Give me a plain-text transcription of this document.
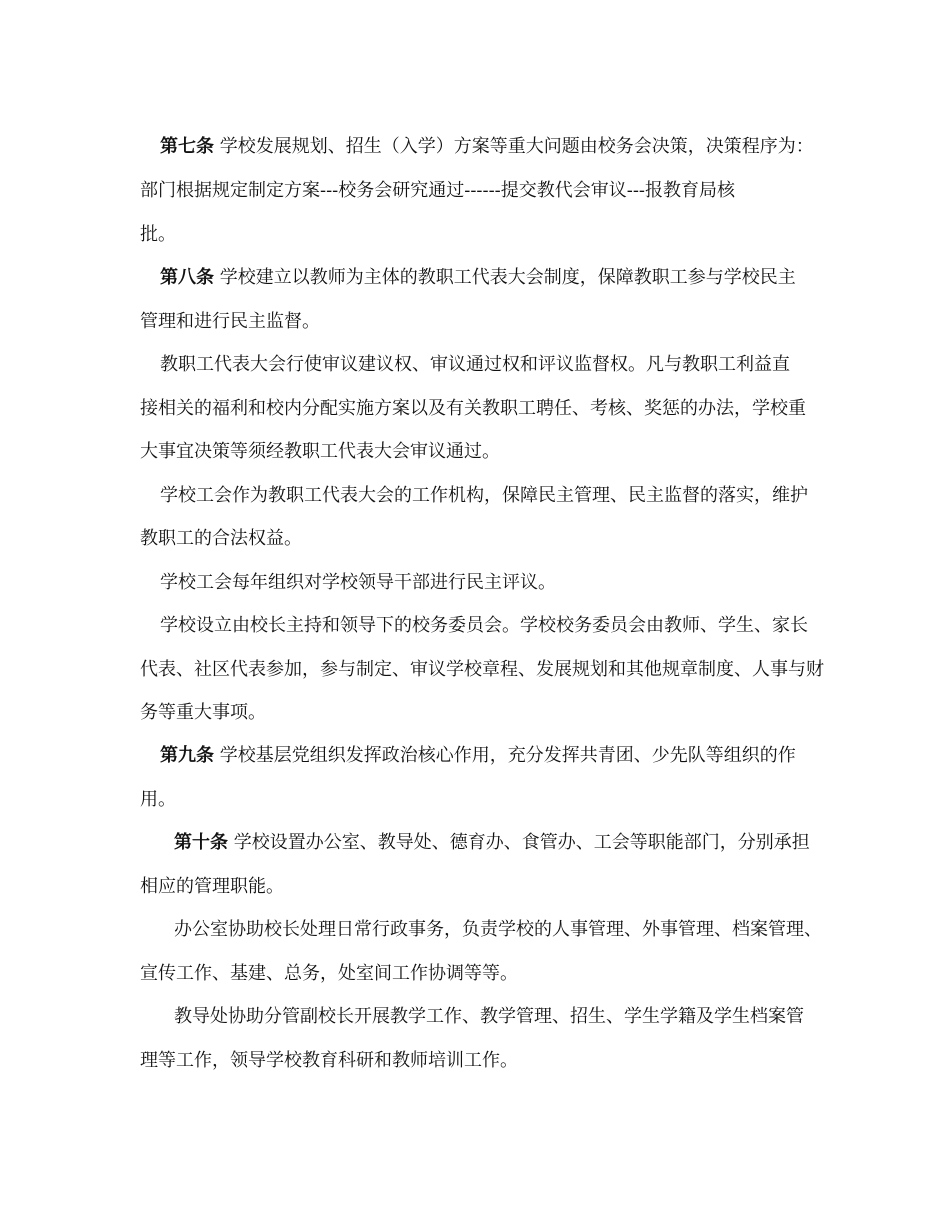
第七条 学校发展规划、招生（入学）方案等重大问题由校务会决策，决策程序为：
部门根据规定制定方案---校务会研究通过------提交教代会审议---报教育局核
批。
第八条 学校建立以教师为主体的教职工代表大会制度，保障教职工参与学校民主
管理和进行民主监督。
教职工代表大会行使审议建议权、审议通过权和评议监督权。凡与教职工利益直
接相关的福利和校内分配实施方案以及有关教职工聘任、考核、奖惩的办法，学校重
大事宜决策等须经教职工代表大会审议通过。
学校工会作为教职工代表大会的工作机构，保障民主管理、民主监督的落实，维护
教职工的合法权益。
学校工会每年组织对学校领导干部进行民主评议。
学校设立由校长主持和领导下的校务委员会。学校校务委员会由教师、学生、家长
代表、社区代表参加，参与制定、审议学校章程、发展规划和其他规章制度、人事与财
务等重大事项。
第九条 学校基层党组织发挥政治核心作用，充分发挥共青团、少先队等组织的作
用。
第十条 学校设置办公室、教导处、德育办、食管办、工会等职能部门，分别承担
相应的管理职能。
办公室协助校长处理日常行政事务，负责学校的人事管理、外事管理、档案管理、
宣传工作、基建、总务，处室间工作协调等等。
教导处协助分管副校长开展教学工作、教学管理、招生、学生学籍及学生档案管
理等工作，领导学校教育科研和教师培训工作。
